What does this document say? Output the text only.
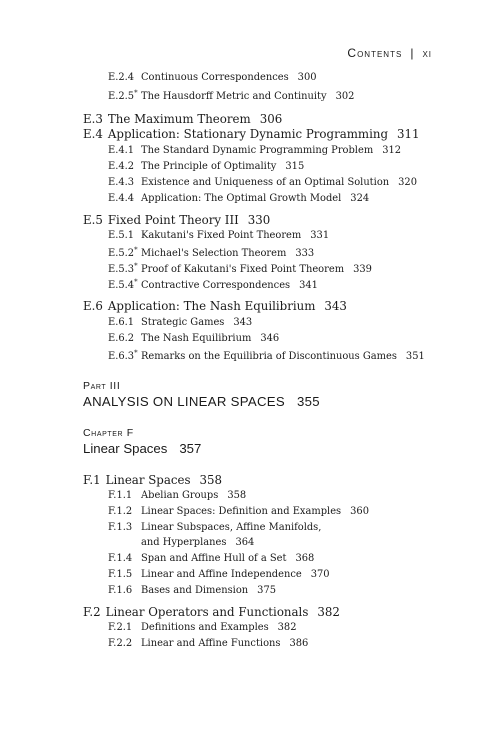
Contents | xi
E.2.4 Continuous Correspondences 300
E.2.5* The Hausdorff Metric and Continuity 302
E.3 The Maximum Theorem 306
E.4 Application: Stationary Dynamic Programming 311
E.4.1 The Standard Dynamic Programming Problem 312
E.4.2 The Principle of Optimality 315
E.4.3 Existence and Uniqueness of an Optimal Solution 320
E.4.4 Application: The Optimal Growth Model 324
E.5 Fixed Point Theory III 330
E.5.1 Kakutani's Fixed Point Theorem 331
E.5.2* Michael's Selection Theorem 333
E.5.3* Proof of Kakutani's Fixed Point Theorem 339
E.5.4* Contractive Correspondences 341
E.6 Application: The Nash Equilibrium 343
E.6.1 Strategic Games 343
E.6.2 The Nash Equilibrium 346
E.6.3* Remarks on the Equilibria of Discontinuous Games 351
Part III
ANALYSIS ON LINEAR SPACES 355
Chapter F
Linear Spaces 357
F.1 Linear Spaces 358
F.1.1 Abelian Groups 358
F.1.2 Linear Spaces: Definition and Examples 360
F.1.3 Linear Subspaces, Affine Manifolds,
and Hyperplanes 364
F.1.4 Span and Affine Hull of a Set 368
F.1.5 Linear and Affine Independence 370
F.1.6 Bases and Dimension 375
F.2 Linear Operators and Functionals 382
F.2.1 Definitions and Examples 382
F.2.2 Linear and Affine Functions 386
